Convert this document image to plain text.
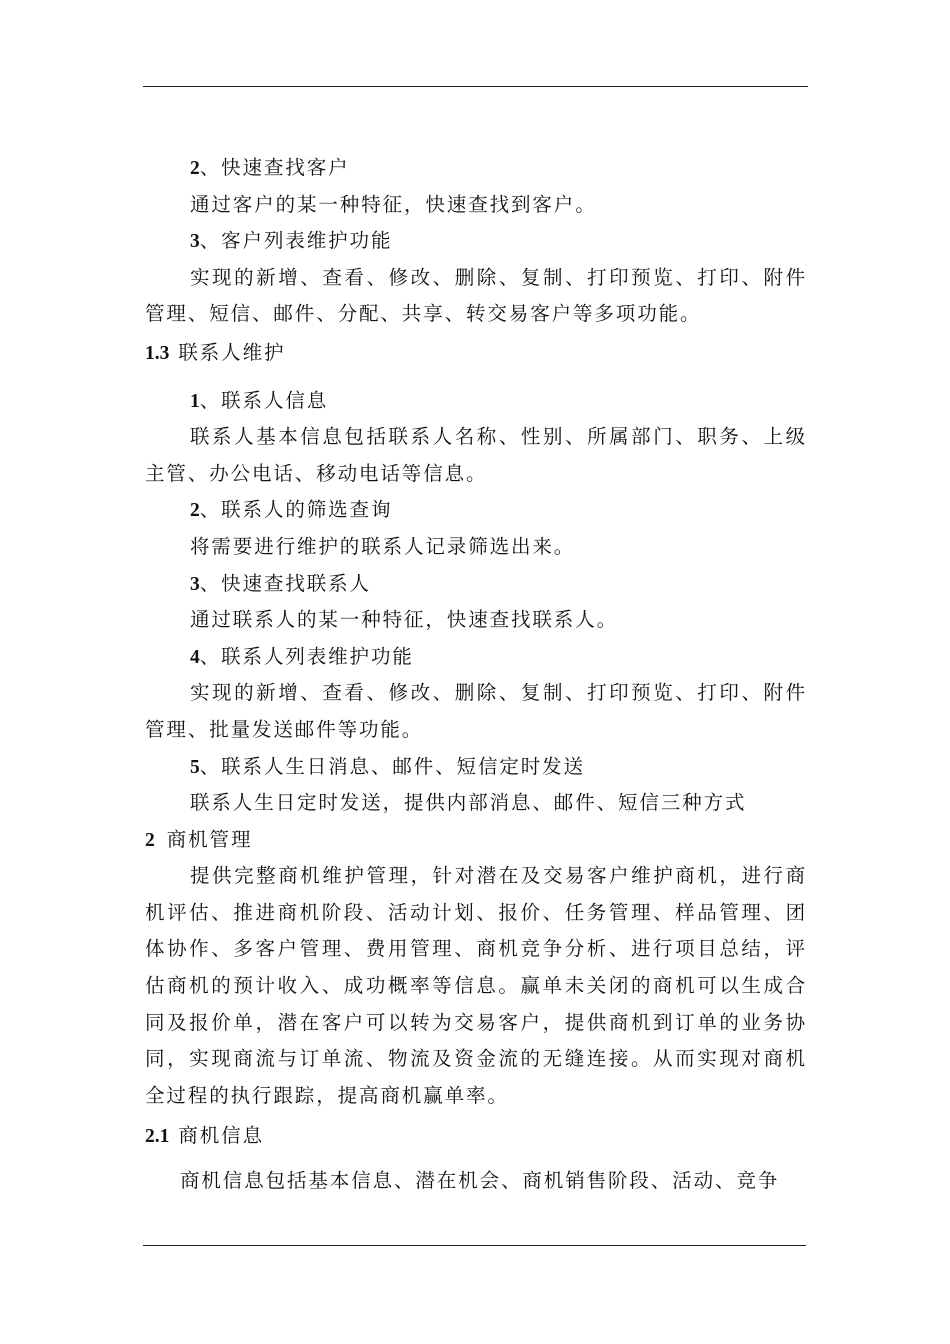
2、快速查找客户
通过客户的某一种特征，快速查找到客户。
3、客户列表维护功能
实现的新增、查看、修改、删除、复制、打印预览、打印、附件管理、短信、邮件、分配、共享、转交易客户等多项功能。
1.3 联系人维护
1、联系人信息
联系人基本信息包括联系人名称、性别、所属部门、职务、上级主管、办公电话、移动电话等信息。
2、联系人的筛选查询
将需要进行维护的联系人记录筛选出来。
3、快速查找联系人
通过联系人的某一种特征，快速查找联系人。
4、联系人列表维护功能
实现的新增、查看、修改、删除、复制、打印预览、打印、附件管理、批量发送邮件等功能。
5、联系人生日消息、邮件、短信定时发送
联系人生日定时发送，提供内部消息、邮件、短信三种方式
2 商机管理
提供完整商机维护管理，针对潜在及交易客户维护商机，进行商机评估、推进商机阶段、活动计划、报价、任务管理、样品管理、团体协作、多客户管理、费用管理、商机竞争分析、进行项目总结，评估商机的预计收入、成功概率等信息。赢单未关闭的商机可以生成合同及报价单，潜在客户可以转为交易客户，提供商机到订单的业务协同，实现商流与订单流、物流及资金流的无缝连接。从而实现对商机全过程的执行跟踪，提高商机赢单率。
2.1 商机信息
商机信息包括基本信息、潜在机会、商机销售阶段、活动、竞争
